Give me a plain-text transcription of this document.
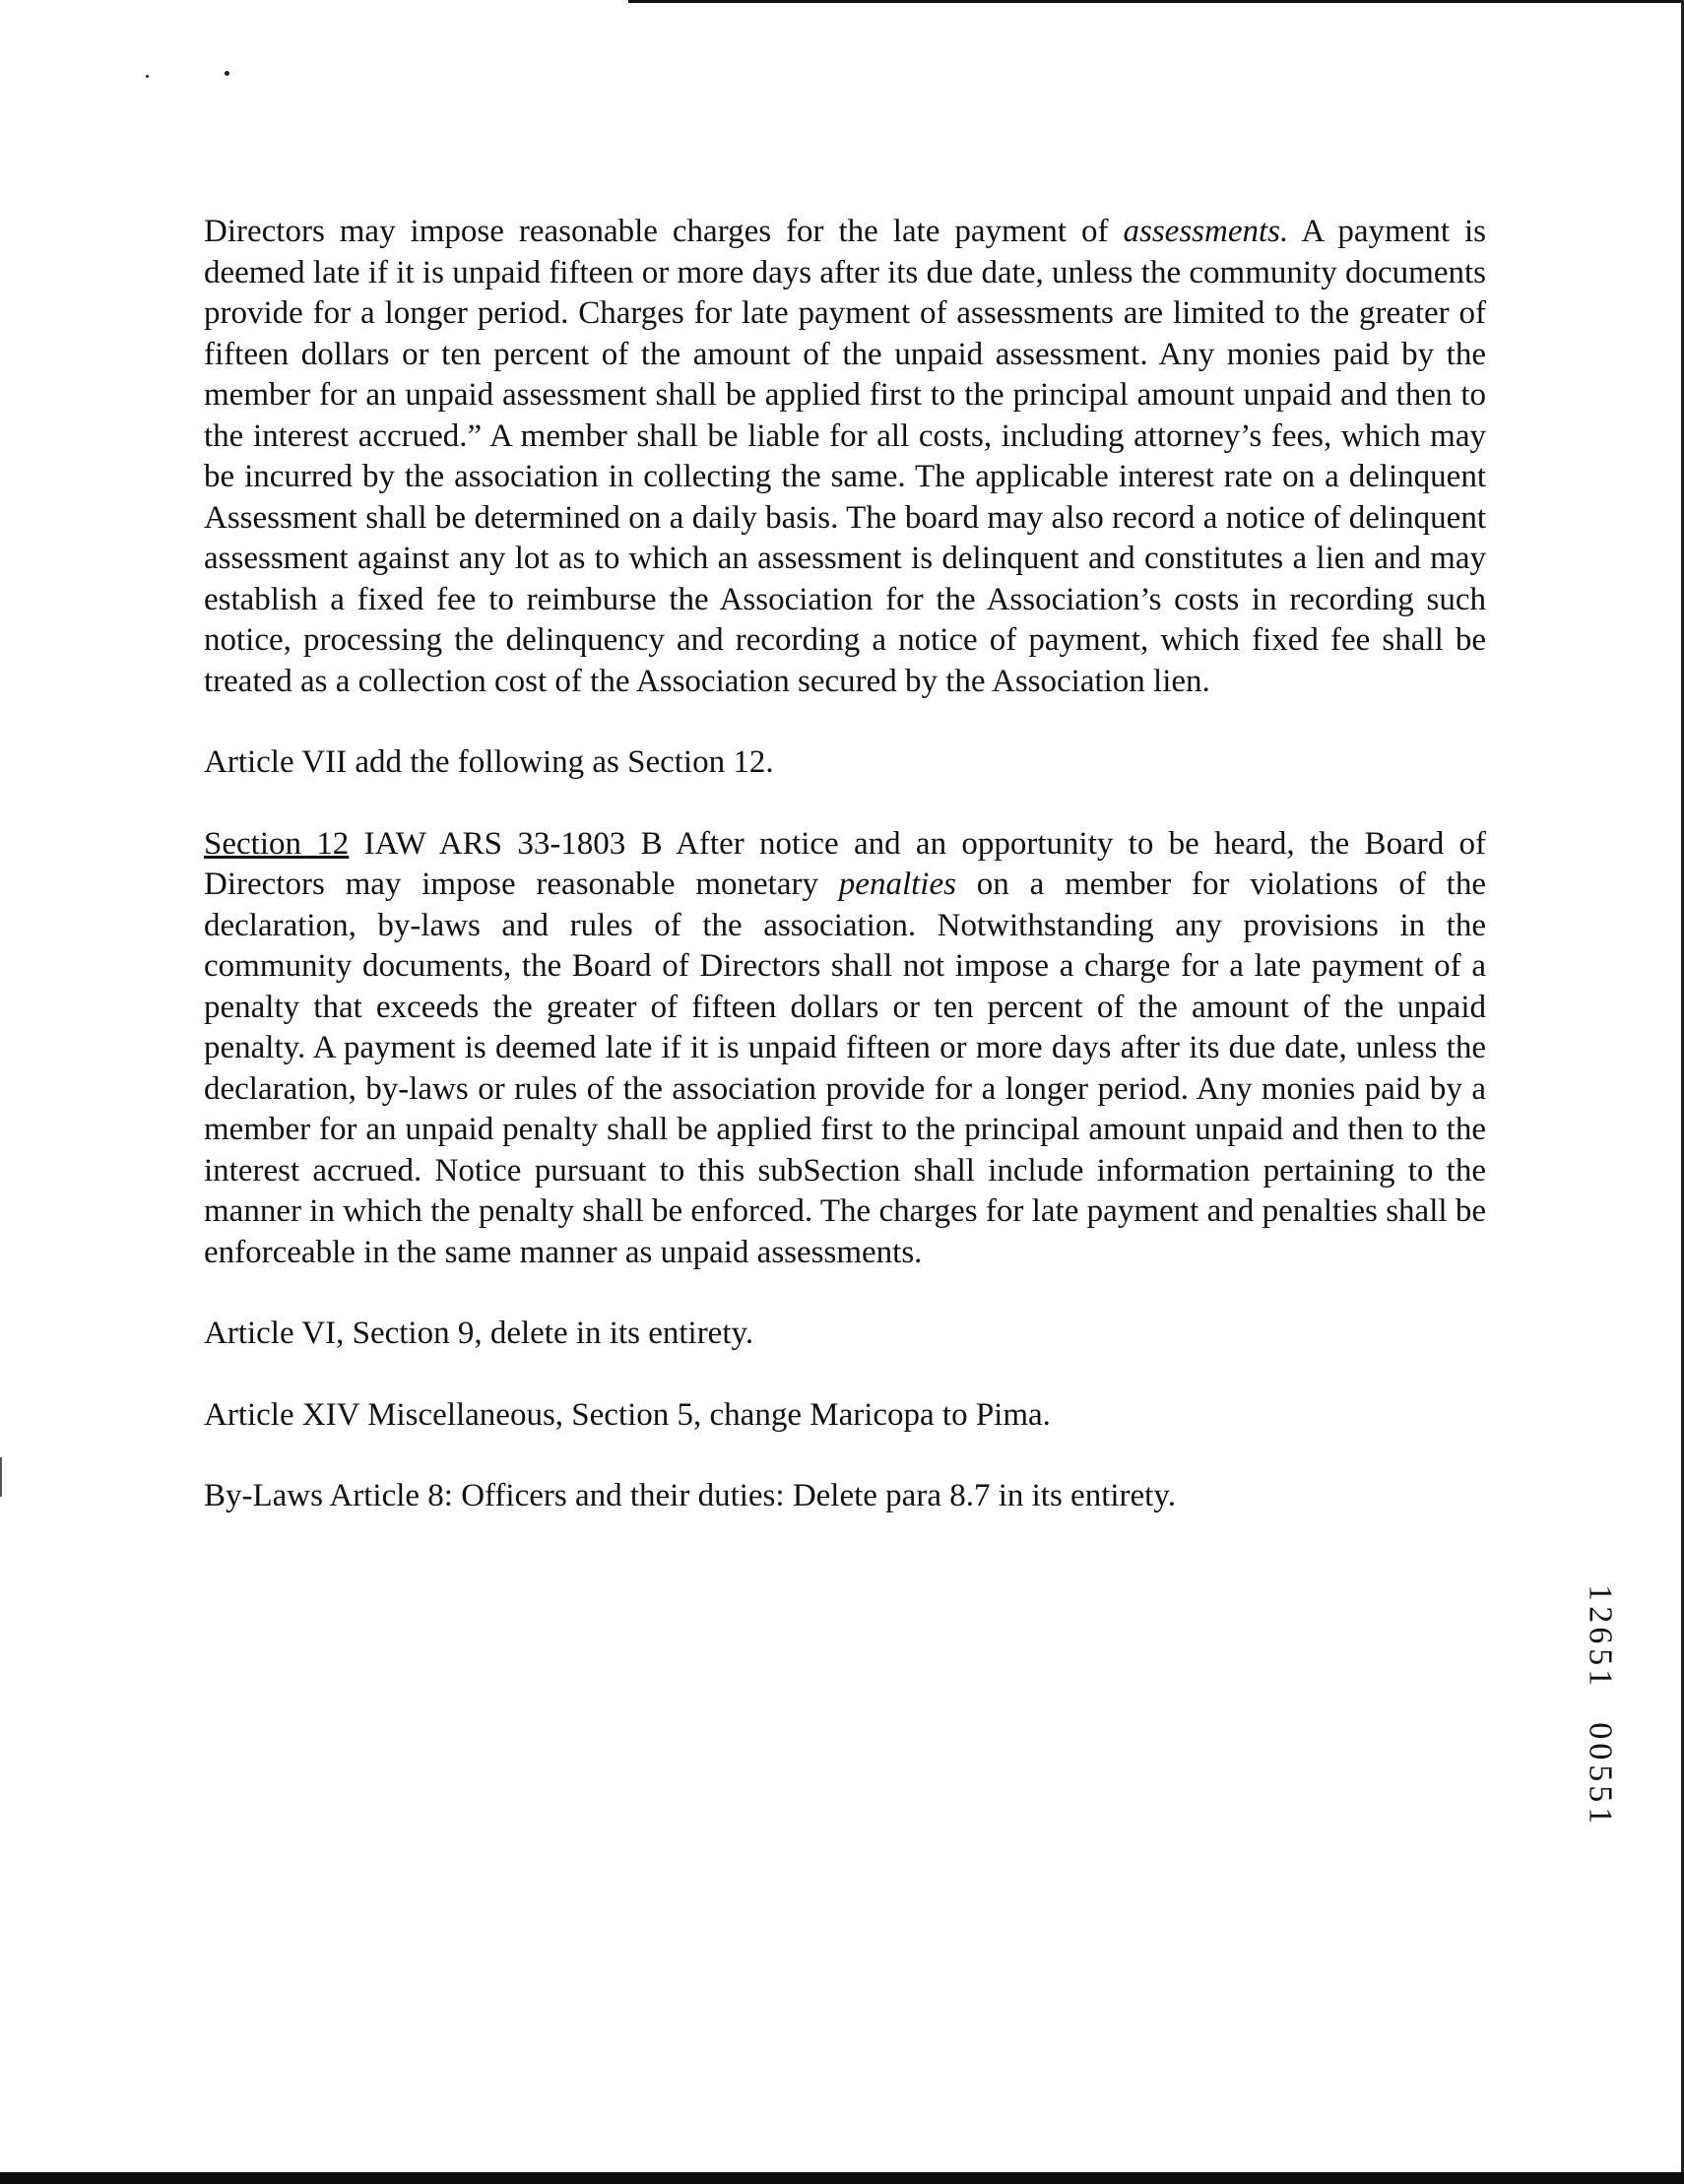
Directors may impose reasonable charges for the late payment of assessments. A payment is deemed late if it is unpaid fifteen or more days after its due date, unless the community documents provide for a longer period. Charges for late payment of assessments are limited to the greater of fifteen dollars or ten percent of the amount of the unpaid assessment. Any monies paid by the member for an unpaid assessment shall be applied first to the principal amount unpaid and then to the interest accrued.” A member shall be liable for all costs, including attorney’s fees, which may be incurred by the association in collecting the same. The applicable interest rate on a delinquent Assessment shall be determined on a daily basis. The board may also record a notice of delinquent assessment against any lot as to which an assessment is delinquent and constitutes a lien and may establish a fixed fee to reimburse the Association for the Association’s costs in recording such notice, processing the delinquency and recording a notice of payment, which fixed fee shall be treated as a collection cost of the Association secured by the Association lien.

Article VII add the following as Section 12.

Section 12 IAW ARS 33-1803 B After notice and an opportunity to be heard, the Board of Directors may impose reasonable monetary penalties on a member for violations of the declaration, by-laws and rules of the association. Notwithstanding any provisions in the community documents, the Board of Directors shall not impose a charge for a late payment of a penalty that exceeds the greater of fifteen dollars or ten percent of the amount of the unpaid penalty. A payment is deemed late if it is unpaid fifteen or more days after its due date, unless the declaration, by-laws or rules of the association provide for a longer period. Any monies paid by a member for an unpaid penalty shall be applied first to the principal amount unpaid and then to the interest accrued. Notice pursuant to this subSection shall include information pertaining to the manner in which the penalty shall be enforced. The charges for late payment and penalties shall be enforceable in the same manner as unpaid assessments.

Article VI, Section 9, delete in its entirety.

Article XIV Miscellaneous, Section 5, change Maricopa to Pima.

By-Laws Article 8: Officers and their duties: Delete para 8.7 in its entirety.

1
2
6
5
1
0
0
5
5
1
